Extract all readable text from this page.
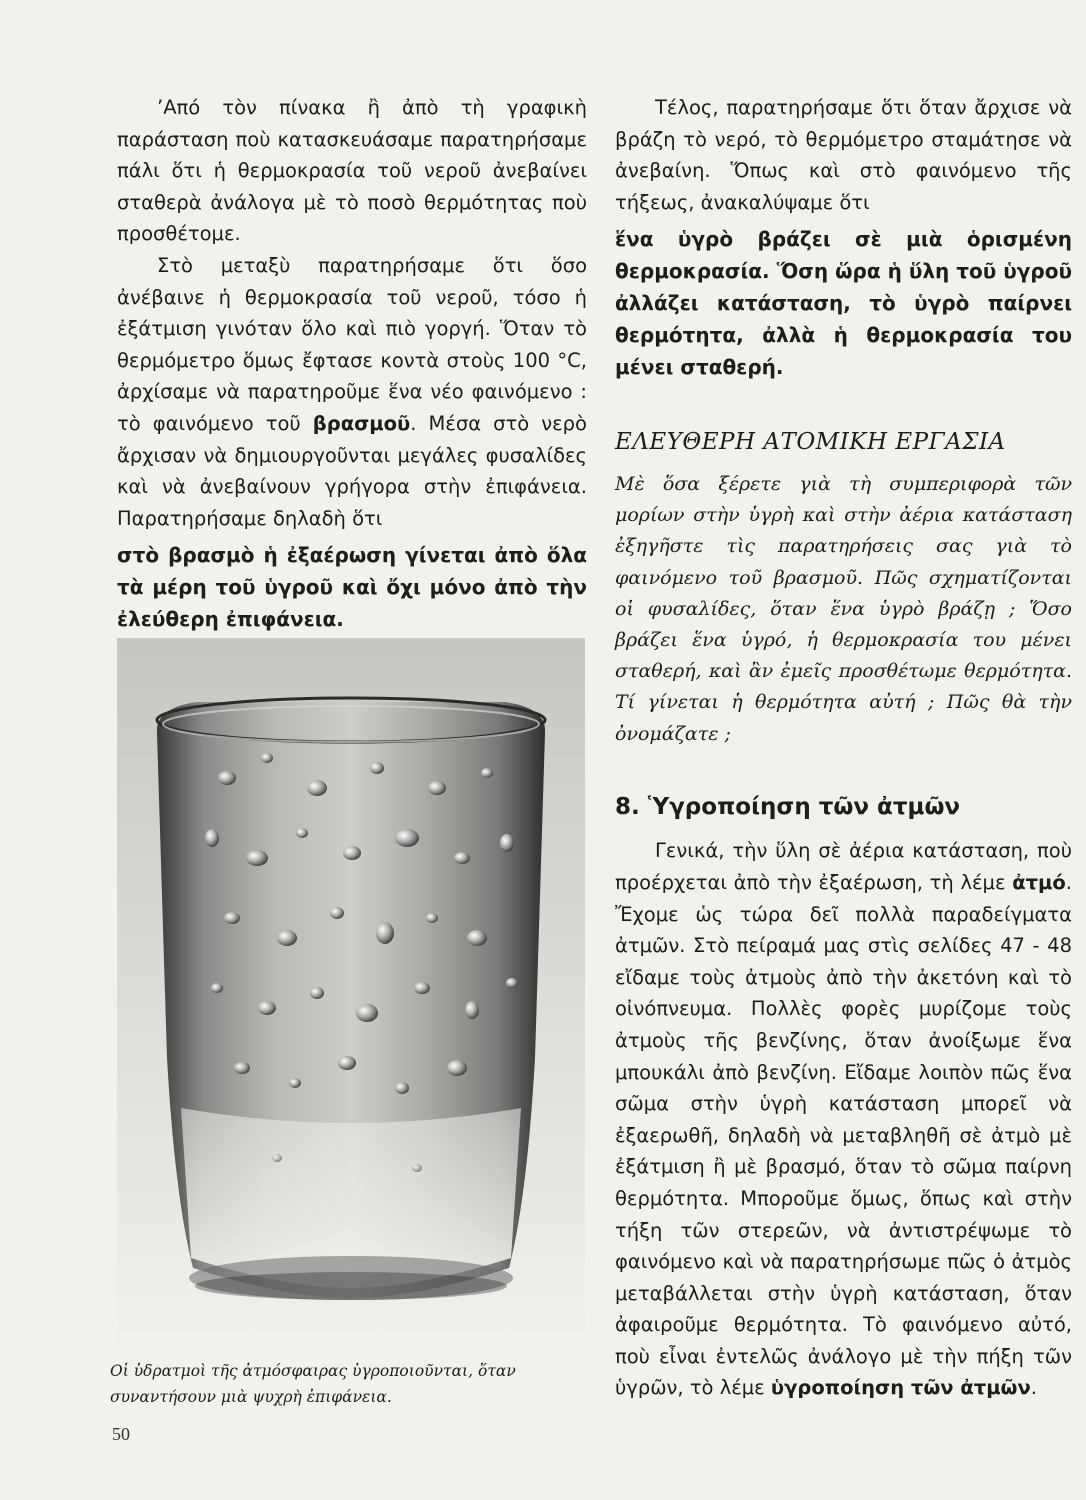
’Από τὸν πίνακα ἢ ἀπὸ τὴ γραφικὴ παράσταση ποὺ κατασκευάσαμε παρατηρήσαμε πάλι ὅτι ἡ θερμοκρασία τοῦ νεροῦ ἀνεβαίνει σταθερὰ ἀνάλογα μὲ τὸ ποσὸ θερμότητας ποὺ προσθέτομε.

Στὸ μεταξὺ παρατηρήσαμε ὅτι ὅσο ἀνέβαινε ἡ θερμοκρασία τοῦ νεροῦ, τόσο ἡ ἐξάτμιση γινόταν ὅλο καὶ πιὸ γοργή. Ὅταν τὸ θερμόμετρο ὅμως ἔφτασε κοντὰ στοὺς 100 °C, ἀρχίσαμε νὰ παρατηροῦμε ἕνα νέο φαινόμενο : τὸ φαινόμενο τοῦ βρασμοῦ. Μέσα στὸ νερὸ ἄρχισαν νὰ δημιουργοῦνται μεγάλες φυσαλίδες καὶ νὰ ἀνεβαίνουν γρήγορα στὴν ἐπιφάνεια. Παρατηρήσαμε δηλαδὴ ὅτι

στὸ βρασμὸ ἡ ἐξαέρωση γίνεται ἀπὸ ὅλα τὰ μέρη τοῦ ὑγροῦ καὶ ὄχι μόνο ἀπὸ τὴν ἐλεύθερη ἐπιφάνεια.

Οἱ ὑδρατμοὶ τῆς ἀτμόσφαιρας ὑγροποιοῦνται, ὅταν συναντήσουν μιὰ ψυχρὴ ἐπιφάνεια.
50

Τέλος, παρατηρήσαμε ὅτι ὅταν ἄρχισε νὰ βράζη τὸ νερό, τὸ θερμόμετρο σταμάτησε νὰ ἀνεβαίνη. Ὅπως καὶ στὸ φαινόμενο τῆς τήξεως, ἀνακαλύψαμε ὅτι

ἕνα ὑγρὸ βράζει σὲ μιὰ ὁρισμένη θερμοκρασία. Ὅση ὥρα ἡ ὕλη τοῦ ὑγροῦ ἀλλάζει κατάσταση, τὸ ὑγρὸ παίρνει θερμότητα, ἀλλὰ ἡ θερμοκρασία του μένει σταθερή.

ΕΛΕΥΘΕΡΗ ΑΤΟΜΙΚΗ ΕΡΓΑΣΙΑ

Μὲ ὅσα ξέρετε γιὰ τὴ συμπεριφορὰ τῶν μορίων στὴν ὑγρὴ καὶ στὴν ἀέρια κατάσταση ἐξηγῆστε τὶς παρατηρήσεις σας γιὰ τὸ φαινόμενο τοῦ βρασμοῦ. Πῶς σχηματίζονται οἱ φυσαλίδες, ὅταν ἕνα ὑγρὸ βράζῃ ; Ὅσο βράζει ἕνα ὑγρό, ἡ θερμοκρασία του μένει σταθερή, καὶ ἂν ἐμεῖς προσθέτωμε θερμότητα. Τί γίνεται ἡ θερμότητα αὐτή ; Πῶς θὰ τὴν ὀνομάζατε ;

8. Ὑγροποίηση τῶν ἀτμῶν

Γενικά, τὴν ὕλη σὲ ἀέρια κατάσταση, ποὺ προέρχεται ἀπὸ τὴν ἐξαέρωση, τὴ λέμε ἀτμό. Ἔχομε ὡς τώρα δεῖ πολλὰ παραδείγματα ἀτμῶν. Στὸ πείραμά μας στὶς σελίδες 47 - 48 εἴδαμε τοὺς ἀτμοὺς ἀπὸ τὴν ἀκετόνη καὶ τὸ οἰνόπνευμα. Πολλὲς φορὲς μυρίζομε τοὺς ἀτμοὺς τῆς βενζίνης, ὅταν ἀνοίξωμε ἕνα μπουκάλι ἀπὸ βενζίνη. Εἴδαμε λοιπὸν πῶς ἕνα σῶμα στὴν ὑγρὴ κατάσταση μπορεῖ νὰ ἐξαερωθῆ, δηλαδὴ νὰ μεταβληθῆ σὲ ἀτμὸ μὲ ἐξάτμιση ἢ μὲ βρασμό, ὅταν τὸ σῶμα παίρνη θερμότητα. Μποροῦμε ὅμως, ὅπως καὶ στὴν τήξη τῶν στερεῶν, νὰ ἀντιστρέψωμε τὸ φαινόμενο καὶ νὰ παρατηρήσωμε πῶς ὁ ἀτμὸς μεταβάλλεται στὴν ὑγρὴ κατάσταση, ὅταν ἀφαιροῦμε θερμότητα. Τὸ φαινόμενο αὐτό, ποὺ εἶναι ἐντελῶς ἀνάλογο μὲ τὴν πήξη τῶν ὑγρῶν, τὸ λέμε ὑγροποίηση τῶν ἀτμῶν.
